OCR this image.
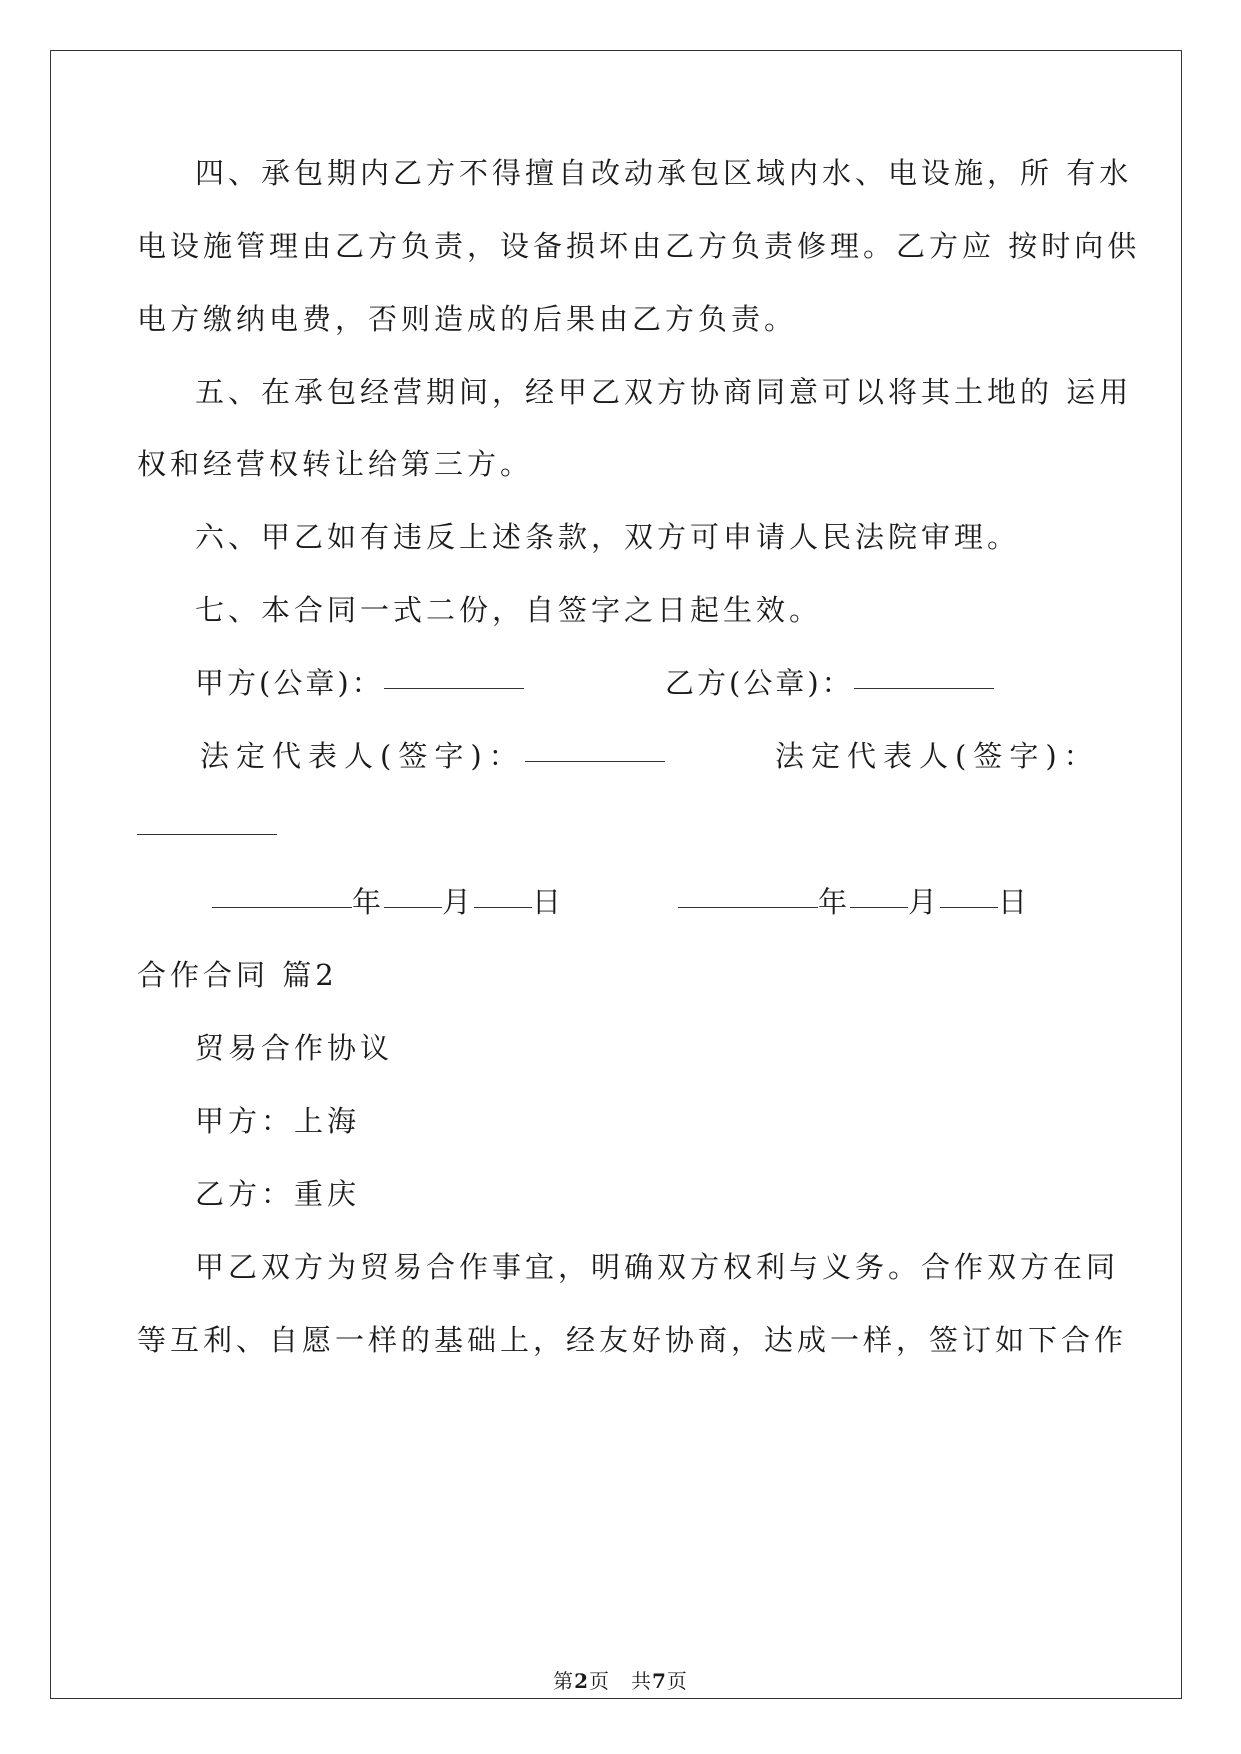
四、承包期内乙方不得擅自改动承包区域内水、电设施，所 有水
电设施管理由乙方负责，设备损坏由乙方负责修理。乙方应 按时向供
电方缴纳电费，否则造成的后果由乙方负责。
五、在承包经营期间，经甲乙双方协商同意可以将其土地的 运用
权和经营权转让给第三方。
六、甲乙如有违反上述条款，双方可申请人民法院审理。
七、本合同一式二份，自签字之日起生效。
甲方(公章)：	乙方(公章)：
法定代表人(签字)：	法定代表人(签字)：
年 月 日	年 月 日
合作合同 篇2
贸易合作协议
甲方：上海
乙方：重庆
甲乙双方为贸易合作事宜，明确双方权利与义务。合作双方在同
等互利、自愿一样的基础上，经友好协商，达成一样，签订如下合作
第2页　共7页
